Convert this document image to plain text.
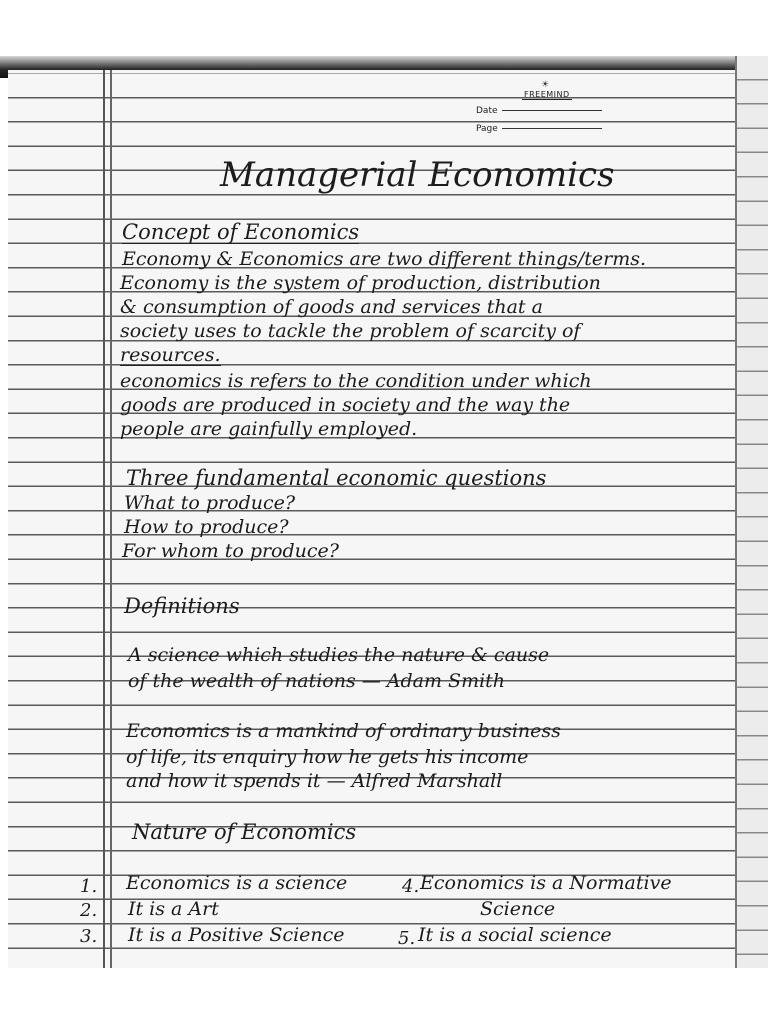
☀
FREEMIND
Date
Page
Managerial Economics
Concept of Economics
Economy & Economics are two different things/terms.
Economy is the system of production, distribution
& consumption of goods and services that a
society uses to tackle the problem of scarcity of
resources.
economics is refers to the condition under which
goods are produced in society and the way the
people are gainfully employed.
Three fundamental economic questions
What to produce?
How to produce?
For whom to produce?
Definitions
A science which studies the nature & cause
of the wealth of nations — Adam Smith
Economics is a mankind of ordinary business
of life, its enquiry how he gets his income
and how it spends it — Alfred Marshall
Nature of Economics
1. Economics is a science
2. It is a Art
3. It is a Positive Science
4. Economics is a Normative
Science
5. It is a social science
